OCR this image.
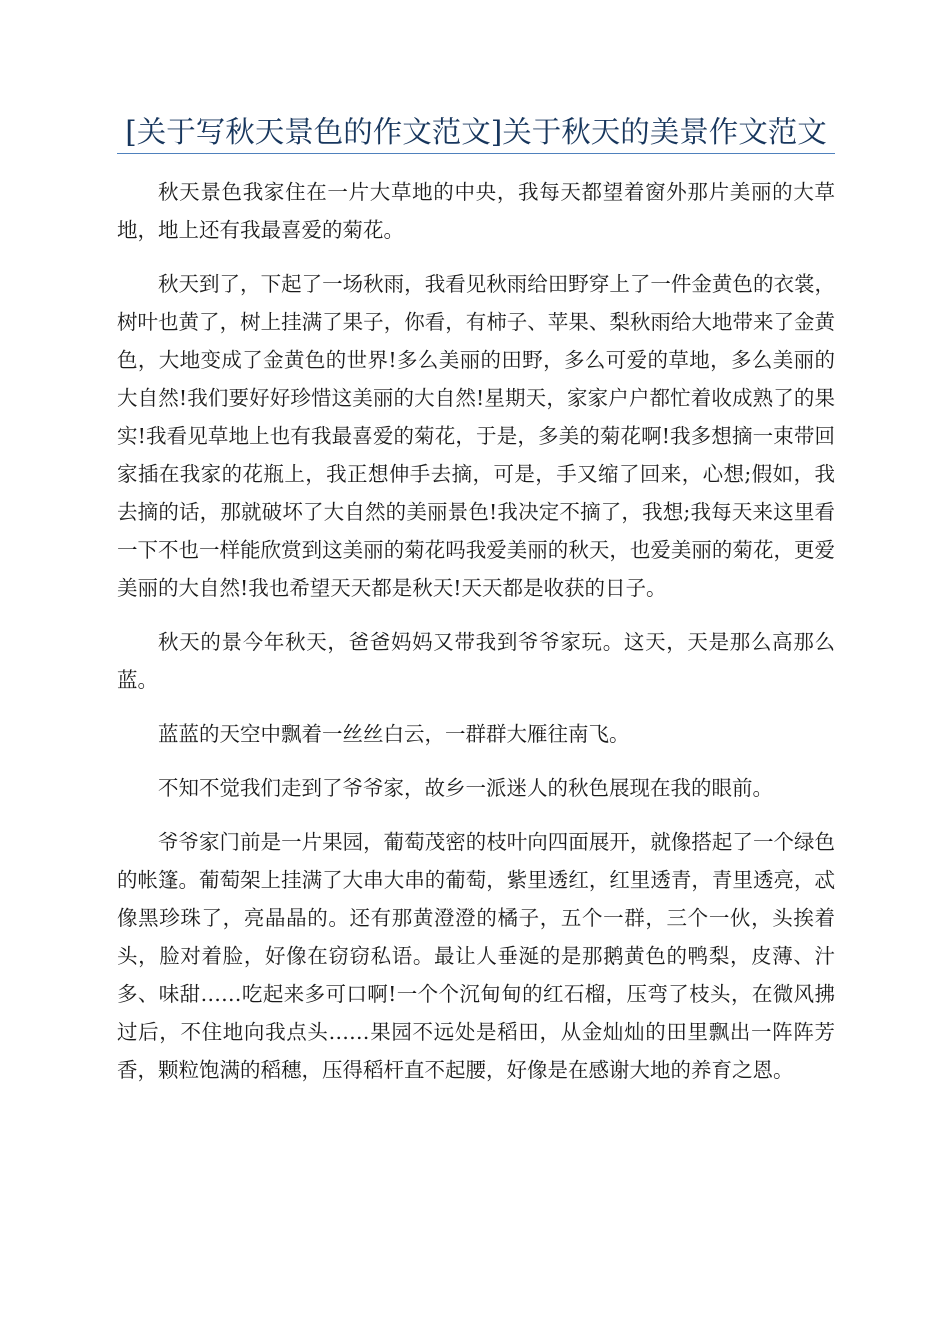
[关于写秋天景色的作文范文]关于秋天的美景作文范文

秋天景色我家住在一片大草地的中央，我每天都望着窗外那片美丽的大草地，地上还有我最喜爱的菊花。

秋天到了，下起了一场秋雨，我看见秋雨给田野穿上了一件金黄色的衣裳，树叶也黄了，树上挂满了果子，你看，有柿子、苹果、梨秋雨给大地带来了金黄色，大地变成了金黄色的世界!多么美丽的田野，多么可爱的草地，多么美丽的大自然!我们要好好珍惜这美丽的大自然!星期天，家家户户都忙着收成熟了的果实!我看见草地上也有我最喜爱的菊花，于是，多美的菊花啊!我多想摘一束带回家插在我家的花瓶上，我正想伸手去摘，可是，手又缩了回来，心想;假如，我去摘的话，那就破坏了大自然的美丽景色!我决定不摘了，我想;我每天来这里看一下不也一样能欣赏到这美丽的菊花吗我爱美丽的秋天，也爱美丽的菊花，更爱美丽的大自然!我也希望天天都是秋天!天天都是收获的日子。

秋天的景今年秋天，爸爸妈妈又带我到爷爷家玩。这天，天是那么高那么蓝。

蓝蓝的天空中飘着一丝丝白云，一群群大雁往南飞。

不知不觉我们走到了爷爷家，故乡一派迷人的秋色展现在我的眼前。

爷爷家门前是一片果园，葡萄茂密的枝叶向四面展开，就像搭起了一个绿色的帐篷。葡萄架上挂满了大串大串的葡萄，紫里透红，红里透青，青里透亮，忒像黑珍珠了，亮晶晶的。还有那黄澄澄的橘子，五个一群，三个一伙，头挨着头，脸对着脸，好像在窃窃私语。最让人垂涎的是那鹅黄色的鸭梨，皮薄、汁多、味甜……吃起来多可口啊!一个个沉甸甸的红石榴，压弯了枝头，在微风拂过后，不住地向我点头……果园不远处是稻田，从金灿灿的田里飘出一阵阵芳香，颗粒饱满的稻穗，压得稻杆直不起腰，好像是在感谢大地的养育之恩。
